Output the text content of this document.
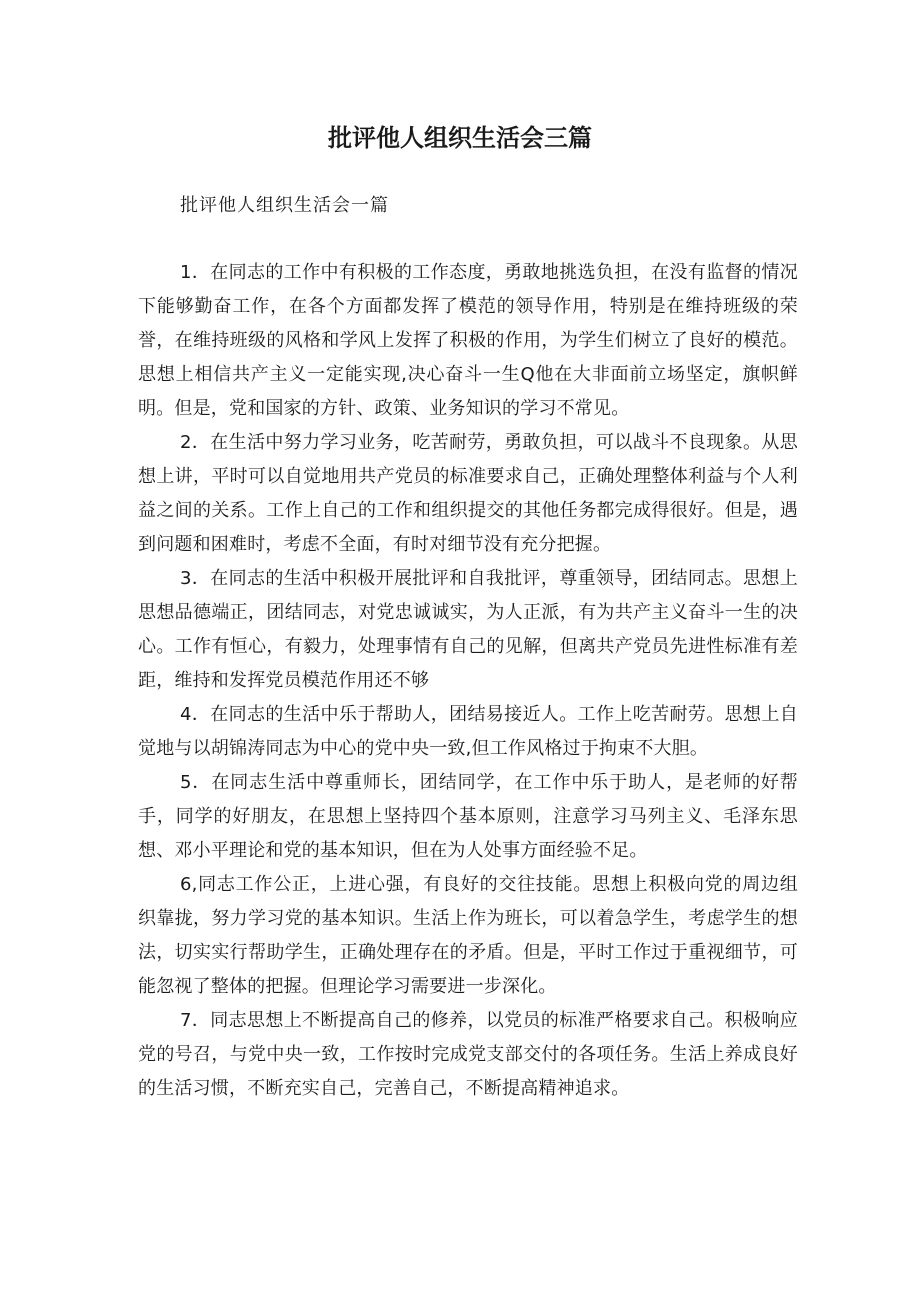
批评他人组织生活会三篇

批评他人组织生活会一篇

1．在同志的工作中有积极的工作态度，勇敢地挑选负担，在没有监督的情况下能够勤奋工作，在各个方面都发挥了模范的领导作用，特别是在维持班级的荣誉，在维持班级的风格和学风上发挥了积极的作用，为学生们树立了良好的模范。思想上相信共产主义一定能实现,决心奋斗一生Q他在大非面前立场坚定，旗帜鲜明。但是，党和国家的方针、政策、业务知识的学习不常见。

2．在生活中努力学习业务，吃苦耐劳，勇敢负担，可以战斗不良现象。从思想上讲，平时可以自觉地用共产党员的标准要求自己，正确处理整体利益与个人利益之间的关系。工作上自己的工作和组织提交的其他任务都完成得很好。但是，遇到问题和困难时，考虑不全面，有时对细节没有充分把握。

3．在同志的生活中积极开展批评和自我批评，尊重领导，团结同志。思想上思想品德端正，团结同志，对党忠诚诚实，为人正派，有为共产主义奋斗一生的决心。工作有恒心，有毅力，处理事情有自己的见解，但离共产党员先进性标准有差距，维持和发挥党员模范作用还不够

4．在同志的生活中乐于帮助人，团结易接近人。工作上吃苦耐劳。思想上自觉地与以胡锦涛同志为中心的党中央一致,但工作风格过于拘束不大胆。

5．在同志生活中尊重师长，团结同学，在工作中乐于助人，是老师的好帮手，同学的好朋友，在思想上坚持四个基本原则，注意学习马列主义、毛泽东思想、邓小平理论和党的基本知识，但在为人处事方面经验不足。

6,同志工作公正，上进心强，有良好的交往技能。思想上积极向党的周边组织靠拢，努力学习党的基本知识。生活上作为班长，可以着急学生，考虑学生的想法，切实实行帮助学生，正确处理存在的矛盾。但是，平时工作过于重视细节，可能忽视了整体的把握。但理论学习需要进一步深化。

7．同志思想上不断提高自己的修养，以党员的标准严格要求自己。积极响应党的号召，与党中央一致，工作按时完成党支部交付的各项任务。生活上养成良好的生活习惯，不断充实自己，完善自己，不断提高精神追求。
